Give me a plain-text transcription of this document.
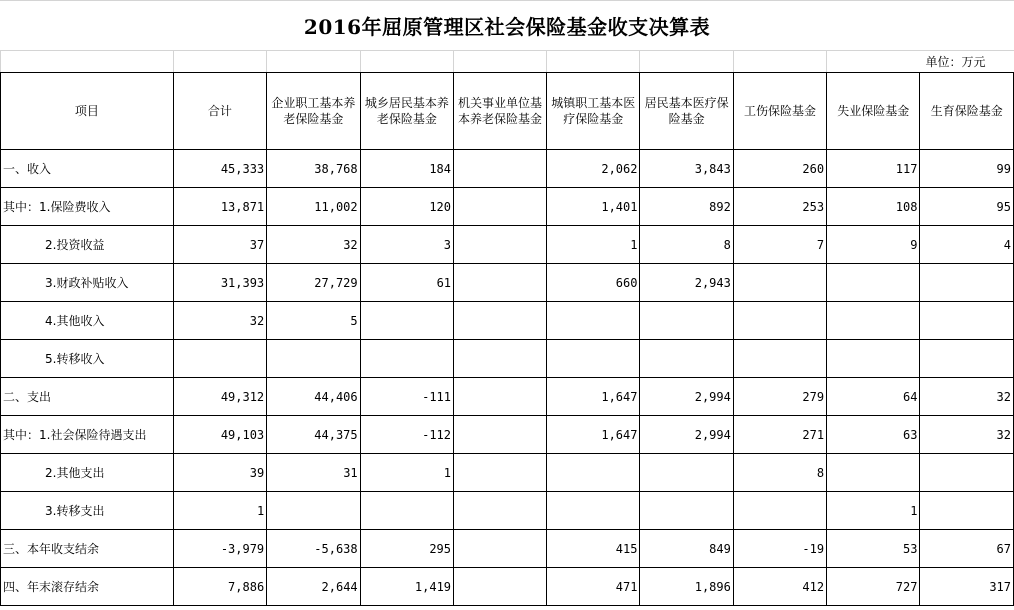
2016年屈原管理区社会保险基金收支决算表
								单位：万元	
项目	合计	企业职工基本养老保险基金	城乡居民基本养老保险基金	机关事业单位基本养老保险基金	城镇职工基本医疗保险基金	居民基本医疗保险基金	工伤保险基金	失业保险基金	生育保险基金
一、收入	45,333	38,768	184		2,062	3,843	260	117	99
其中：1.保险费收入	13,871	11,002	120		1,401	892	253	108	95
2.投资收益	37	32	3		1	8	7	9	4
3.财政补贴收入	31,393	27,729	61		660	2,943			
4.其他收入	32	5							
5.转移收入									
二、支出	49,312	44,406	-111		1,647	2,994	279	64	32
其中：1.社会保险待遇支出	49,103	44,375	-112		1,647	2,994	271	63	32
2.其他支出	39	31	1				8		
3.转移支出	1							1	
三、本年收支结余	-3,979	-5,638	295		415	849	-19	53	67
四、年末滚存结余	7,886	2,644	1,419		471	1,896	412	727	317
